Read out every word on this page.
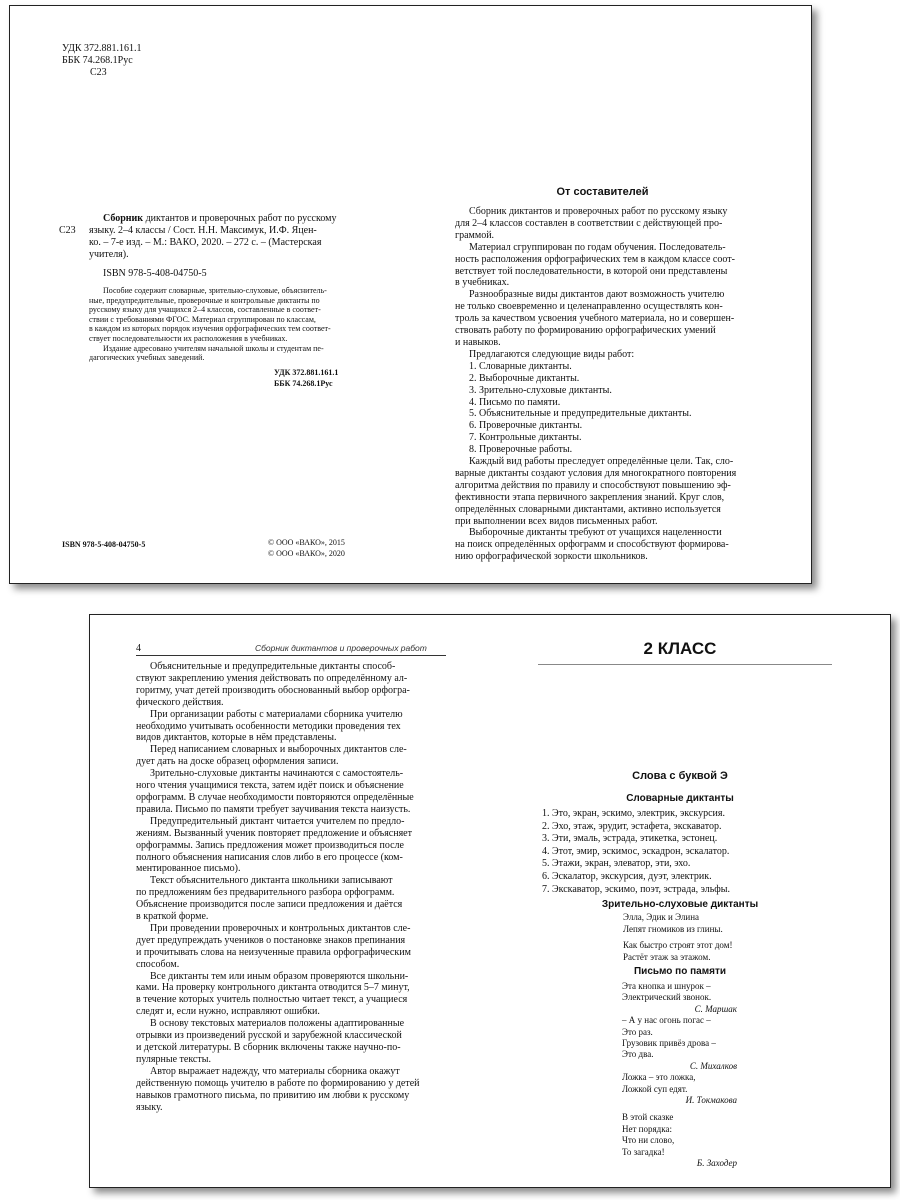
УДК 372.881.161.1
ББК 74.268.1Рус
С23
С23
Сборник диктантов и проверочных работ по русскому
языку. 2–4 классы / Сост. Н.Н. Максимук, И.Ф. Яцен-
ко. – 7-е изд. – М.: ВАКО, 2020. – 272 с. – (Мастерская
учителя).
ISBN 978-5-408-04750-5
Пособие содержит словарные, зрительно-слуховые, объяснитель-
ные, предупредительные, проверочные и контрольные диктанты по
русскому языку для учащихся 2–4 классов, составленные в соответ-
ствии с требованиями ФГОС. Материал сгруппирован по классам,
в каждом из которых порядок изучения орфографических тем соответ-
ствует последовательности их расположения в учебниках.
Издание адресовано учителям начальной школы и студентам пе-
дагогических учебных заведений.
УДК 372.881.161.1
ББК 74.268.1Рус
ISBN 978-5-408-04750-5	© ООО «ВАКО», 2015
© ООО «ВАКО», 2020
От составителей
Сборник диктантов и проверочных работ по русскому языку
для 2–4 классов составлен в соответствии с действующей про-
граммой.
Материал сгруппирован по годам обучения. Последователь-
ность расположения орфографических тем в каждом классе соот-
ветствует той последовательности, в которой они представлены
в учебниках.
Разнообразные виды диктантов дают возможность учителю
не только своевременно и целенаправленно осуществлять кон-
троль за качеством усвоения учебного материала, но и совершен-
ствовать работу по формированию орфографических умений
и навыков.
Предлагаются следующие виды работ:
1. Словарные диктанты.
2. Выборочные диктанты.
3. Зрительно-слуховые диктанты.
4. Письмо по памяти.
5. Объяснительные и предупредительные диктанты.
6. Проверочные диктанты.
7. Контрольные диктанты.
8. Проверочные работы.
Каждый вид работы преследует определённые цели. Так, сло-
варные диктанты создают условия для многократного повторения
алгоритма действия по правилу и способствуют повышению эф-
фективности этапа первичного закрепления знаний. Круг слов,
определённых словарными диктантами, активно используется
при выполнении всех видов письменных работ.
Выборочные диктанты требуют от учащихся нацеленности
на поиск определённых орфограмм и способствуют формирова-
нию орфографической зоркости школьников.
4	Сборник диктантов и проверочных работ
Объяснительные и предупредительные диктанты способ-
ствуют закреплению умения действовать по определённому ал-
горитму, учат детей производить обоснованный выбор орфогра-
фического действия.
При организации работы с материалами сборника учителю
необходимо учитывать особенности методики проведения тех
видов диктантов, которые в нём представлены.
Перед написанием словарных и выборочных диктантов сле-
дует дать на доске образец оформления записи.
Зрительно-слуховые диктанты начинаются с самостоятель-
ного чтения учащимися текста, затем идёт поиск и объяснение
орфограмм. В случае необходимости повторяются определённые
правила. Письмо по памяти требует заучивания текста наизусть.
Предупредительный диктант читается учителем по предло-
жениям. Вызванный ученик повторяет предложение и объясняет
орфограммы. Запись предложения может производиться после
полного объяснения написания слов либо в его процессе (ком-
ментированное письмо).
Текст объяснительного диктанта школьники записывают
по предложениям без предварительного разбора орфограмм.
Объяснение производится после записи предложения и даётся
в краткой форме.
При проведении проверочных и контрольных диктантов сле-
дует предупреждать учеников о постановке знаков препинания
и прочитывать слова на неизученные правила орфографическим
способом.
Все диктанты тем или иным образом проверяются школьни-
ками. На проверку контрольного диктанта отводится 5–7 минут,
в течение которых учитель полностью читает текст, а учащиеся
следят и, если нужно, исправляют ошибки.
В основу текстовых материалов положены адаптированные
отрывки из произведений русской и зарубежной классической
и детской литературы. В сборник включены также научно-по-
пулярные тексты.
Автор выражает надежду, что материалы сборника окажут
действенную помощь учителю в работе по формированию у детей
навыков грамотного письма, по привитию им любви к русскому
языку.
2 КЛАСС
Слова с буквой Э
Словарные диктанты
1. Это, экран, эскимо, электрик, экскурсия.
2. Эхо, этаж, эрудит, эстафета, экскаватор.
3. Эти, эмаль, эстрада, этикетка, эстонец.
4. Этот, эмир, эскимос, эскадрон, эскалатор.
5. Этажи, экран, элеватор, эти, эхо.
6. Эскалатор, экскурсия, дуэт, электрик.
7. Экскаватор, эскимо, поэт, эстрада, эльфы.
Зрительно-слуховые диктанты
Элла, Эдик и Элина
Лепят гномиков из глины.
Как быстро строят этот дом!
Растёт этаж за этажом.
Письмо по памяти
Эта кнопка и шнурок –
Электрический звонок.
С. Маршак
– А у нас огонь погас –
Это раз.
Грузовик привёз дрова –
Это два.
С. Михалков
Ложка – это ложка,
Ложкой суп едят.
И. Токмакова
В этой сказке
Нет порядка:
Что ни слово,
То загадка!
Б. Заходер
